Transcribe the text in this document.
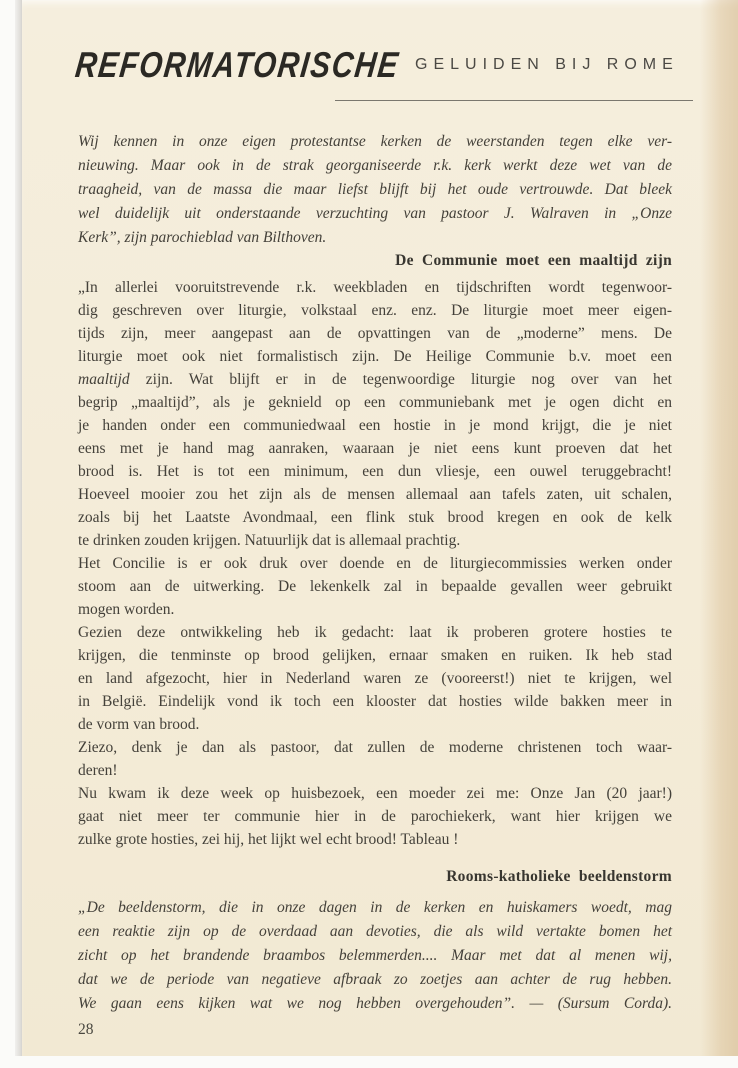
REFORMATORISCHE GELUIDEN BIJ ROME
Wij kennen in onze eigen protestantse kerken de weerstanden tegen elke ver-
nieuwing. Maar ook in de strak georganiseerde r.k. kerk werkt deze wet van de
traagheid, van de massa die maar liefst blijft bij het oude vertrouwde. Dat bleek
wel duidelijk uit onderstaande verzuchting van pastoor J. Walraven in „Onze
Kerk”, zijn parochieblad van Bilthoven.
De Communie moet een maaltijd zijn
„In allerlei vooruitstrevende r.k. weekbladen en tijdschriften wordt tegenwoor-
dig geschreven over liturgie, volkstaal enz. enz. De liturgie moet meer eigen-
tijds zijn, meer aangepast aan de opvattingen van de „moderne” mens. De
liturgie moet ook niet formalistisch zijn. De Heilige Communie b.v. moet een
maaltijd zijn. Wat blijft er in de tegenwoordige liturgie nog over van het
begrip „maaltijd”, als je geknield op een communiebank met je ogen dicht en
je handen onder een communiedwaal een hostie in je mond krijgt, die je niet
eens met je hand mag aanraken, waaraan je niet eens kunt proeven dat het
brood is. Het is tot een minimum, een dun vliesje, een ouwel teruggebracht!
Hoeveel mooier zou het zijn als de mensen allemaal aan tafels zaten, uit schalen,
zoals bij het Laatste Avondmaal, een flink stuk brood kregen en ook de kelk
te drinken zouden krijgen. Natuurlijk dat is allemaal prachtig.
Het Concilie is er ook druk over doende en de liturgiecommissies werken onder
stoom aan de uitwerking. De lekenkelk zal in bepaalde gevallen weer gebruikt
mogen worden.
Gezien deze ontwikkeling heb ik gedacht: laat ik proberen grotere hosties te
krijgen, die tenminste op brood gelijken, ernaar smaken en ruiken. Ik heb stad
en land afgezocht, hier in Nederland waren ze (vooreerst!) niet te krijgen, wel
in België. Eindelijk vond ik toch een klooster dat hosties wilde bakken meer in
de vorm van brood.
Ziezo, denk je dan als pastoor, dat zullen de moderne christenen toch waar-
deren!
Nu kwam ik deze week op huisbezoek, een moeder zei me: Onze Jan (20 jaar!)
gaat niet meer ter communie hier in de parochiekerk, want hier krijgen we
zulke grote hosties, zei hij, het lijkt wel echt brood! Tableau !
Rooms-katholieke beeldenstorm
„De beeldenstorm, die in onze dagen in de kerken en huiskamers woedt, mag
een reaktie zijn op de overdaad aan devoties, die als wild vertakte bomen het
zicht op het brandende braambos belemmerden.... Maar met dat al menen wij,
dat we de periode van negatieve afbraak zo zoetjes aan achter de rug hebben.
We gaan eens kijken wat we nog hebben overgehouden”. — (Sursum Corda).
28
